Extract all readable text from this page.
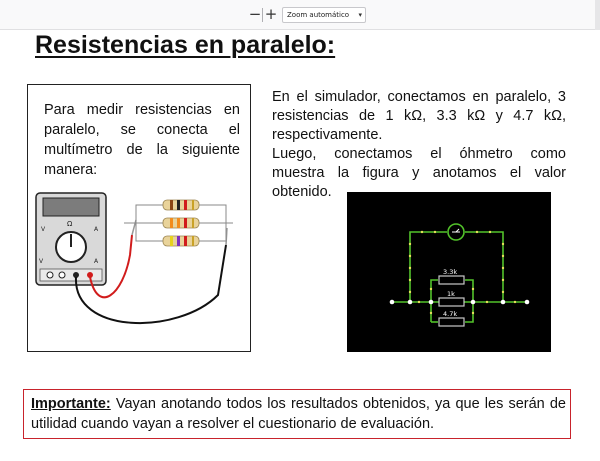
− +	Zoom automático ▾
Resistencias en paralelo:
Para medir resistencias en paralelo, se conecta el multímetro de la siguiente manera:
Ω
V	A
V	A

En el simulador, conectamos en paralelo, 3 resistencias de 1 kΩ, 3.3 kΩ y 4.7 kΩ, respectivamente.

Luego, conectamos el óhmetro como muestra la figura y anotamos el valor obtenido.

3.3k
1k
4.7k
Importante: Vayan anotando todos los resultados obtenidos, ya que les serán de utilidad cuando vayan a resolver el cuestionario de evaluación.
